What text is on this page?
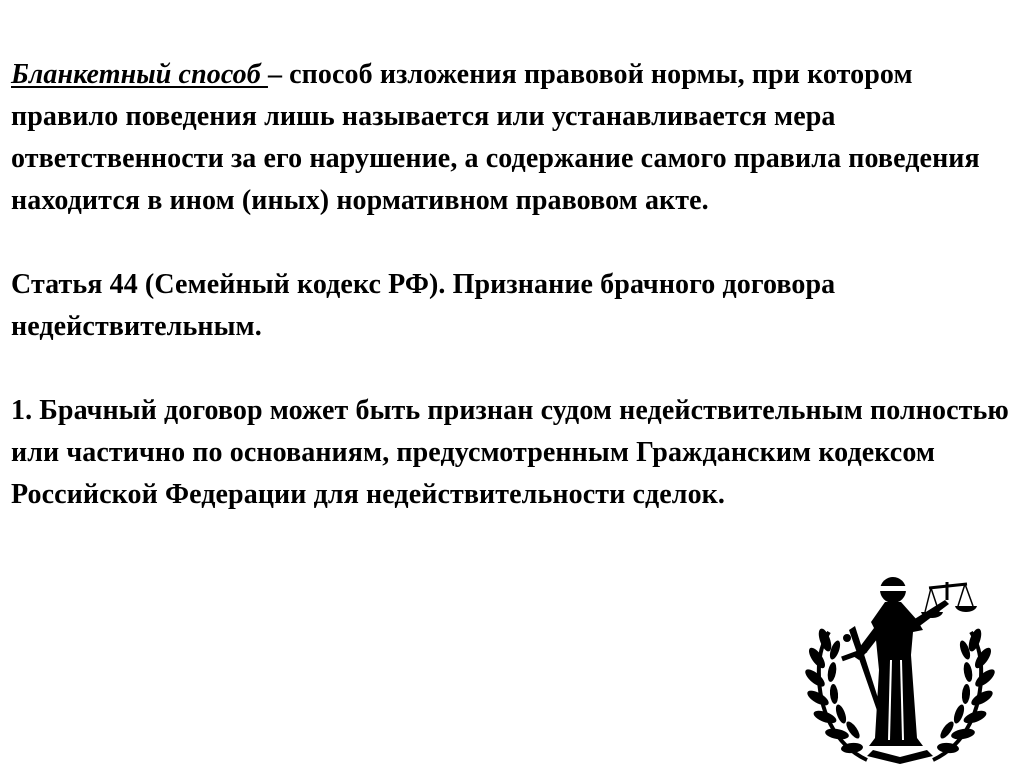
Бланкетный способ – способ изложения правовой нормы, при котором правило поведения лишь называется или устанавливается мера ответственности за его нарушение, а содержание самого правила поведения находится в ином (иных) нормативном правовом акте.

Статья 44 (Семейный кодекс РФ). Признание брачного договора недействительным.

1. Брачный договор может быть признан судом недействительным полностью или частично по основаниям, предусмотренным Гражданским кодексом Российской Федерации для недействительности сделок.
